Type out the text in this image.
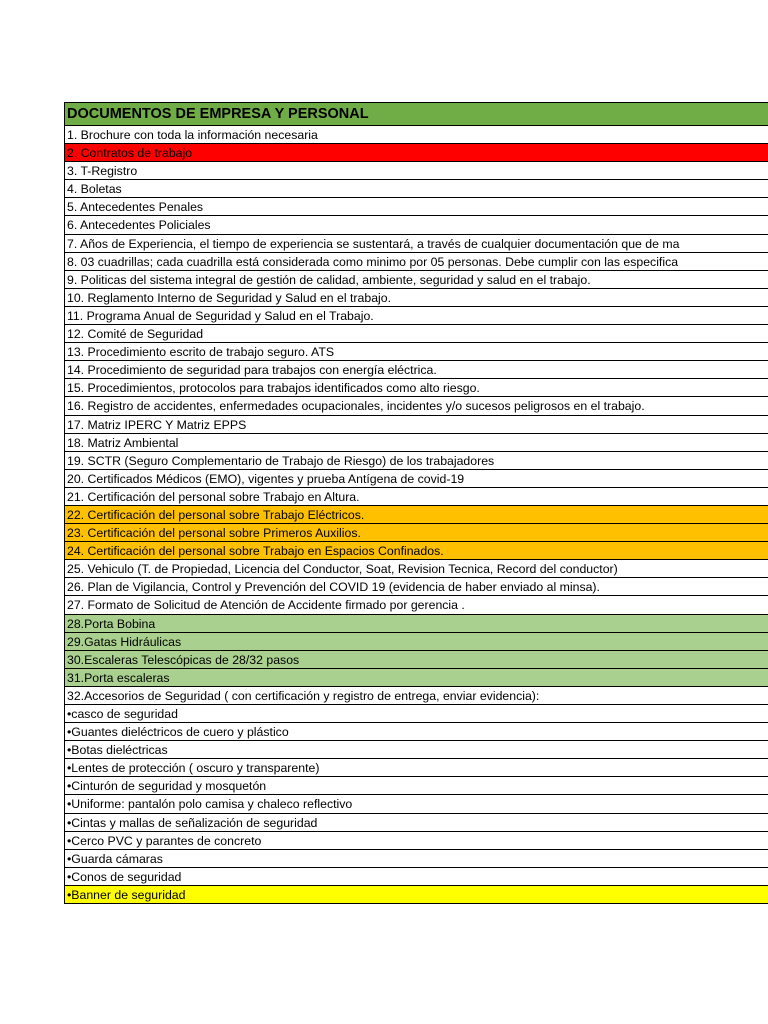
DOCUMENTOS DE EMPRESA Y PERSONAL
1. Brochure con toda la información necesaria
2. Contratos de trabajo
3. T-Registro
4. Boletas
5. Antecedentes Penales
6. Antecedentes Policiales
7. Años de Experiencia, el tiempo de experiencia se sustentará, a través de cualquier documentación que de ma
8. 03 cuadrillas; cada cuadrilla está considerada como minimo por 05 personas. Debe cumplir con las especifica
9. Politicas del sistema integral de gestión de calidad, ambiente, seguridad y salud en el trabajo.
10. Reglamento Interno de Seguridad y Salud en el trabajo.
11. Programa Anual de Seguridad y Salud en el Trabajo.
12. Comité de Seguridad
13. Procedimiento escrito de trabajo seguro. ATS
14. Procedimiento de seguridad para trabajos con energía eléctrica.
15. Procedimientos, protocolos para trabajos identificados como alto riesgo.
16. Registro de accidentes, enfermedades ocupacionales, incidentes y/o sucesos peligrosos en el trabajo.
17. Matriz IPERC Y Matriz EPPS
18. Matriz Ambiental
19. SCTR (Seguro Complementario de Trabajo de Riesgo) de los trabajadores
20. Certificados Médicos (EMO), vigentes y prueba Antígena de covid-19
21. Certificación del personal sobre Trabajo en Altura.
22. Certificación del personal sobre Trabajo Eléctricos.
23. Certificación del personal sobre Primeros Auxilios.
24. Certificación del personal sobre Trabajo en Espacios Confinados.
25. Vehiculo (T. de Propiedad, Licencia del Conductor, Soat, Revision Tecnica, Record del conductor)
26. Plan de Vigilancia, Control y Prevención del COVID 19 (evidencia de haber enviado al minsa).
27. Formato de Solicitud de Atención de Accidente firmado por gerencia .
28.Porta Bobina
29.Gatas Hidráulicas
30.Escaleras Telescópicas de 28/32 pasos
31.Porta escaleras
32.Accesorios de Seguridad ( con certificación y registro de entrega, enviar evidencia):
•casco de seguridad
•Guantes dieléctricos de cuero y plástico
•Botas dieléctricas
•Lentes de protección ( oscuro y transparente)
•Cinturón de seguridad y mosquetón
•Uniforme: pantalón polo camisa y chaleco reflectivo
•Cintas y mallas de señalización de seguridad
•Cerco PVC y parantes de concreto
•Guarda cámaras
•Conos de seguridad
•Banner de seguridad
